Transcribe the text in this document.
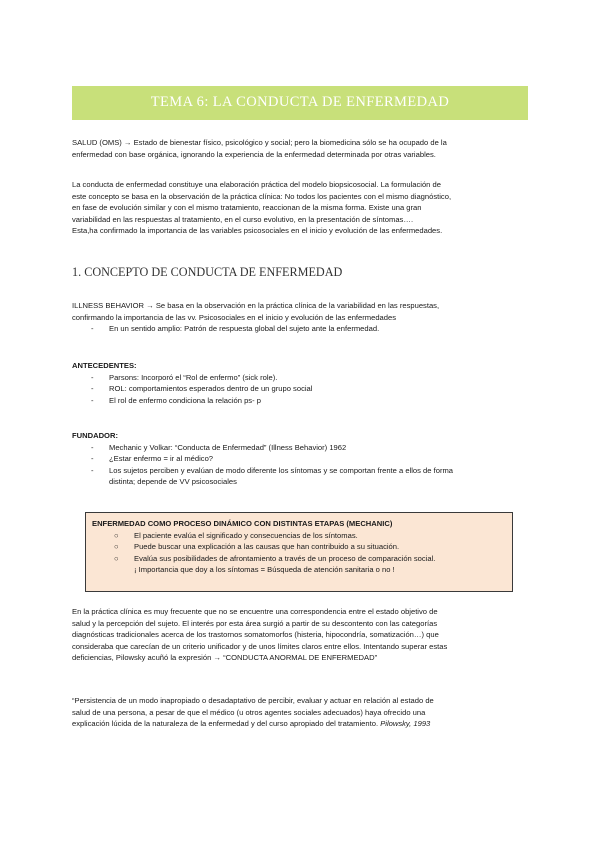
TEMA 6: LA CONDUCTA DE ENFERMEDAD

SALUD (OMS) → Estado de bienestar físico, psicológico y social; pero la biomedicina sólo se ha ocupado de la

enfermedad con base orgánica, ignorando la experiencia de la enfermedad determinada por otras variables.

La conducta de enfermedad constituye una elaboración práctica del modelo biopsicosocial. La formulación de

este concepto se basa en la observación de la práctica clínica: No todos los pacientes con el mismo diagnóstico,

en fase de evolución similar y con el mismo tratamiento, reaccionan de la misma forma. Existe una gran

variabilidad en las respuestas al tratamiento, en el curso evolutivo, en la presentación de síntomas….

Esta,ha confirmado la importancia de las variables psicosociales en el inicio y evolución de las enfermedades.

1. CONCEPTO DE CONDUCTA DE ENFERMEDAD

ILLNESS BEHAVIOR → Se basa en la observación en la práctica clínica de la variabilidad en las respuestas,

confirmando la importancia de las vv. Psicosociales en el inicio y evolución de las enfermedades

- En un sentido amplio: Patrón de respuesta global del sujeto ante la enfermedad.

ANTECEDENTES:

- Parsons: Incorporó el “Rol de enfermo” (sick role).
- ROL: comportamientos esperados dentro de un grupo social
- El rol de enfermo condiciona la relación ps- p

FUNDADOR:

- Mechanic y Volkar: “Conducta de Enfermedad” (Illness Behavior) 1962
- ¿Estar enfermo = ir al médico?
- Los sujetos perciben y evalúan de modo diferente los síntomas y se comportan frente a ellos de forma
distinta; depende de VV psicosociales

ENFERMEDAD COMO PROCESO DINÁMICO CON DISTINTAS ETAPAS (MECHANIC)

○ El paciente evalúa el significado y consecuencias de los síntomas.
○ Puede buscar una explicación a las causas que han contribuido a su situación.
○ Evalúa sus posibilidades de afrontamiento a través de un proceso de comparación social.
¡ Importancia que doy a los síntomas = Búsqueda de atención sanitaria o no !

En la práctica clínica es muy frecuente que no se encuentre una correspondencia entre el estado objetivo de

salud y la percepción del sujeto. El interés por esta área surgió a partir de su descontento con las categorías

diagnósticas tradicionales acerca de los trastornos somatomorfos (histeria, hipocondría, somatización…) que

consideraba que carecían de un criterio unificador y de unos límites claros entre ellos. Intentando superar estas

deficiencias, Pilowsky acuñó la expresión → “CONDUCTA ANORMAL DE ENFERMEDAD”

“Persistencia de un modo inapropiado o desadaptativo de percibir, evaluar y actuar en relación al estado de

salud de una persona, a pesar de que el médico (u otros agentes sociales adecuados) haya ofrecido una

explicación lúcida de la naturaleza de la enfermedad y del curso apropiado del tratamiento. Pilowsky, 1993
